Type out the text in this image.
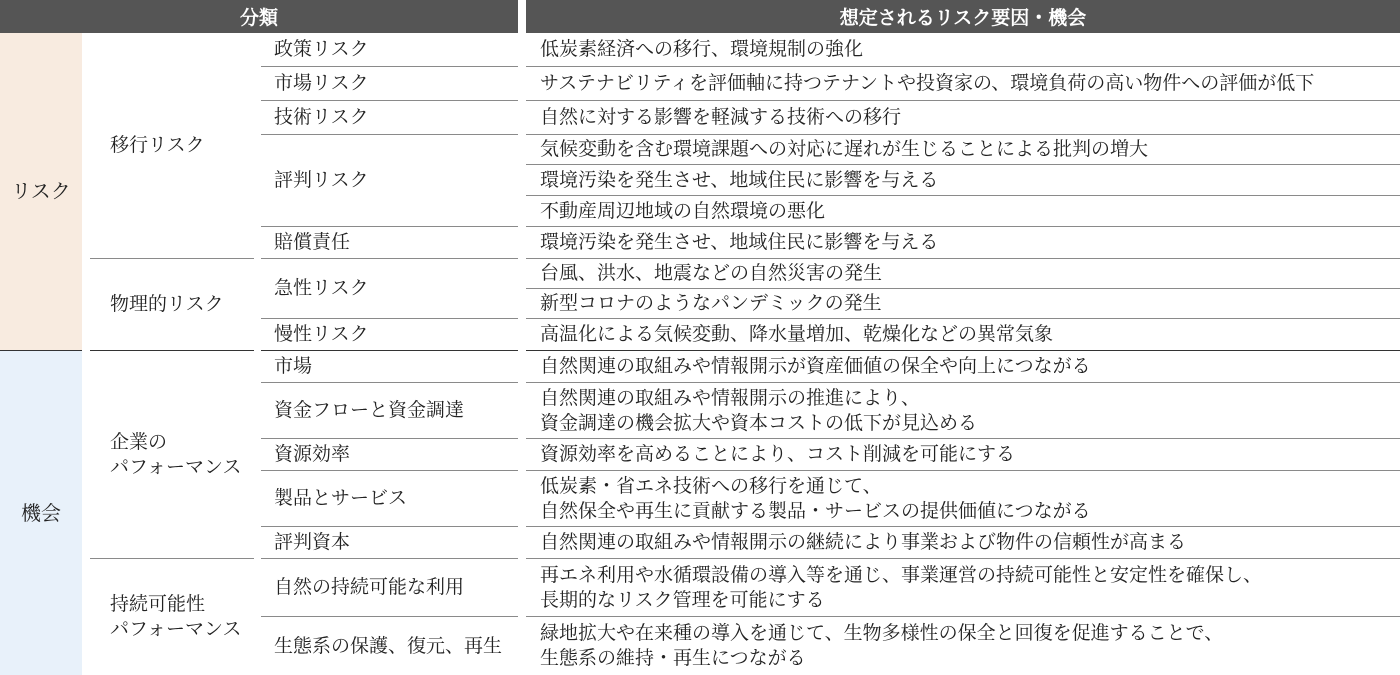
分類	想定されるリスク要因・機会
リスク
機会
移行リスク
物理的リスク
企業の
パフォーマンス
持続可能性
パフォーマンス
政策リスク
市場リスク
技術リスク
評判リスク
賠償責任
急性リスク
慢性リスク
市場
資金フローと資金調達
資源効率
製品とサービス
評判資本
自然の持続可能な利用
生態系の保護、復元、再生
低炭素経済への移行、環境規制の強化
サステナビリティを評価軸に持つテナントや投資家の、環境負荷の高い物件への評価が低下
自然に対する影響を軽減する技術への移行
気候変動を含む環境課題への対応に遅れが生じることによる批判の増大
環境汚染を発生させ、地域住民に影響を与える
不動産周辺地域の自然環境の悪化
環境汚染を発生させ、地域住民に影響を与える
台風、洪水、地震などの自然災害の発生
新型コロナのようなパンデミックの発生
高温化による気候変動、降水量増加、乾燥化などの異常気象
自然関連の取組みや情報開示が資産価値の保全や向上につながる
自然関連の取組みや情報開示の推進により、
資金調達の機会拡大や資本コストの低下が見込める
資源効率を高めることにより、コスト削減を可能にする
低炭素・省エネ技術への移行を通じて、
自然保全や再生に貢献する製品・サービスの提供価値につながる
自然関連の取組みや情報開示の継続により事業および物件の信頼性が高まる
再エネ利用や水循環設備の導入等を通じ、事業運営の持続可能性と安定性を確保し、
長期的なリスク管理を可能にする
緑地拡大や在来種の導入を通じて、生物多様性の保全と回復を促進することで、
生態系の維持・再生につながる
